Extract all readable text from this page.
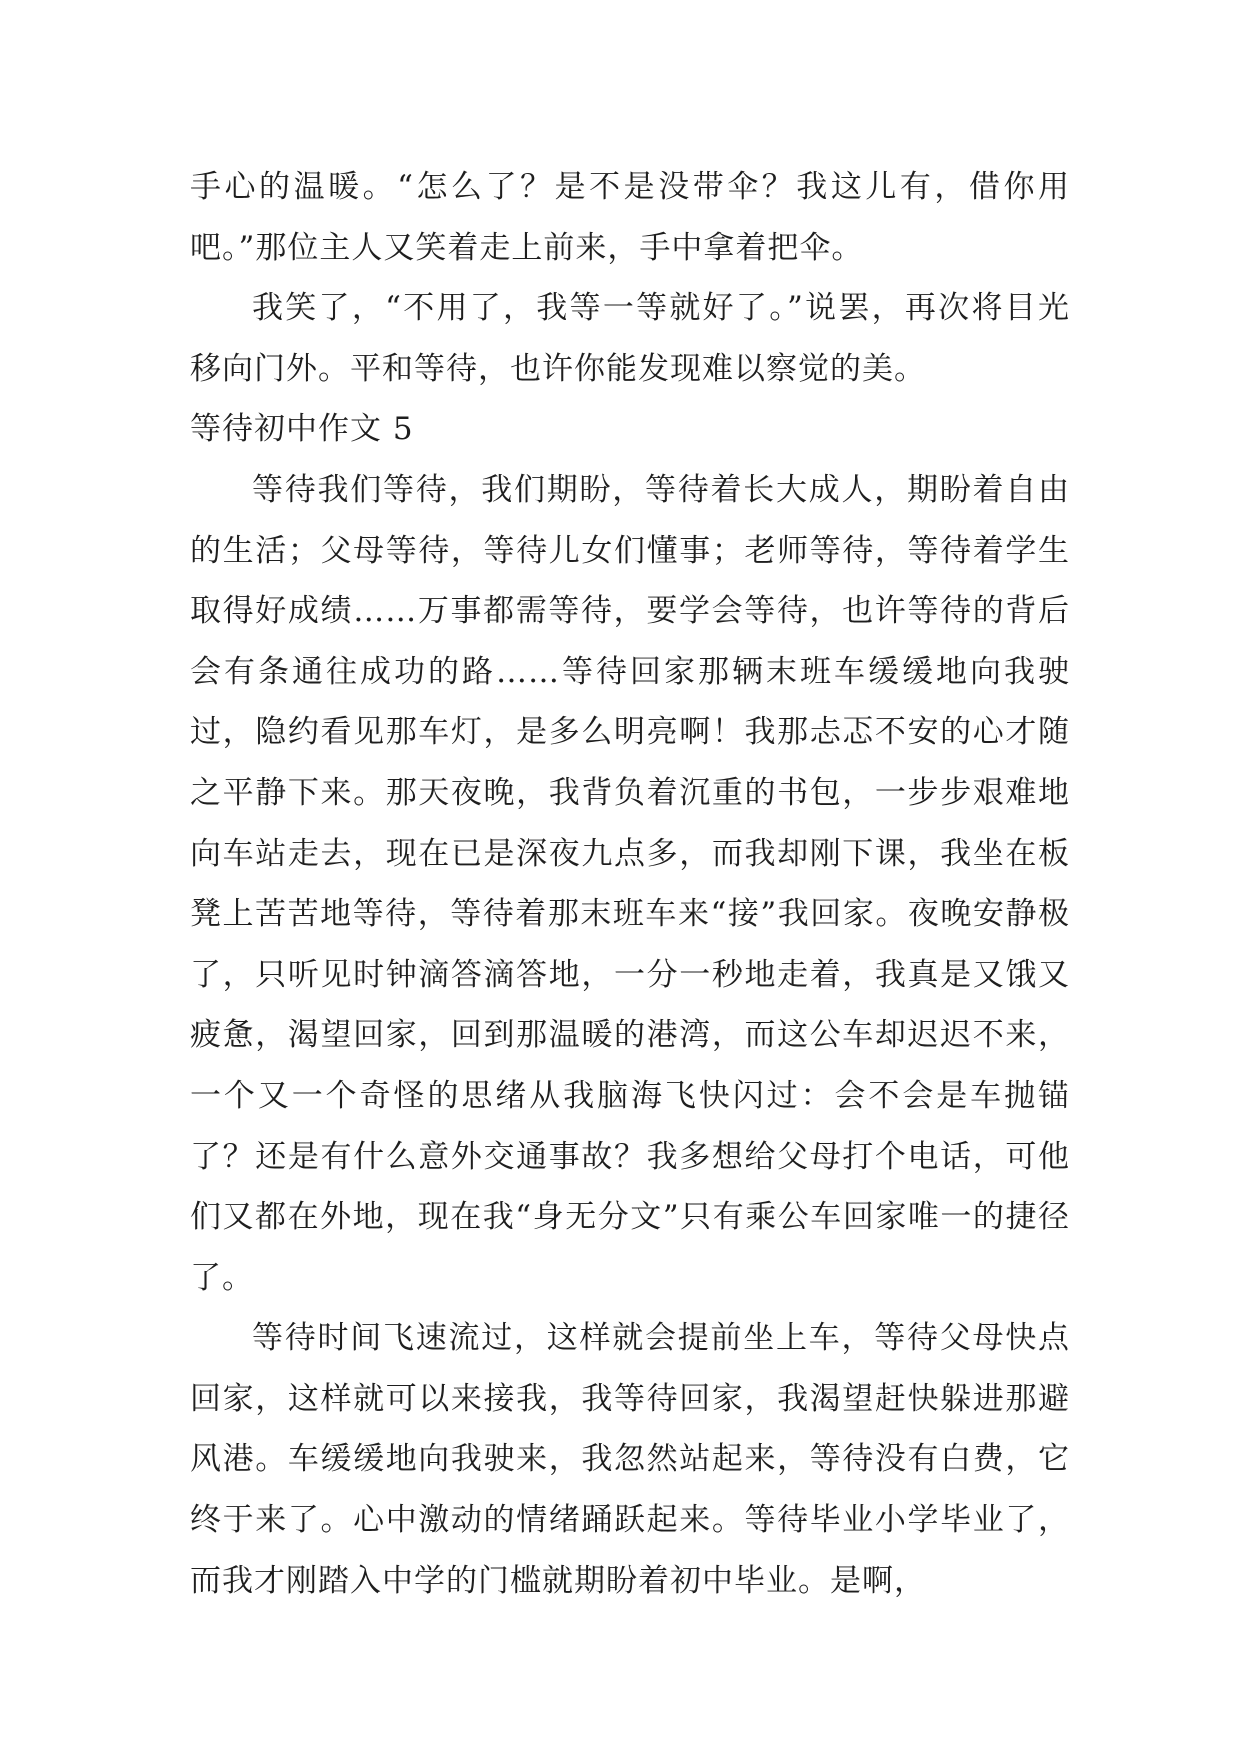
手心的温暖。“怎么了？是不是没带伞？我这儿有，借你用吧。”那位主人又笑着走上前来，手中拿着把伞。

我笑了，“不用了，我等一等就好了。”说罢，再次将目光移向门外。平和等待，也许你能发现难以察觉的美。

等待初中作文 5

等待我们等待，我们期盼，等待着长大成人，期盼着自由的生活；父母等待，等待儿女们懂事；老师等待，等待着学生取得好成绩……万事都需等待，要学会等待，也许等待的背后会有条通往成功的路……等待回家那辆末班车缓缓地向我驶过，隐约看见那车灯，是多么明亮啊！我那忐忑不安的心才随之平静下来。那天夜晚，我背负着沉重的书包，一步步艰难地向车站走去，现在已是深夜九点多，而我却刚下课，我坐在板凳上苦苦地等待，等待着那末班车来“接”我回家。夜晚安静极了，只听见时钟滴答滴答地，一分一秒地走着，我真是又饿又疲惫，渴望回家，回到那温暖的港湾，而这公车却迟迟不来，一个又一个奇怪的思绪从我脑海飞快闪过：会不会是车抛锚了？还是有什么意外交通事故？我多想给父母打个电话，可他们又都在外地，现在我“身无分文”只有乘公车回家唯一的捷径了。

等待时间飞速流过，这样就会提前坐上车，等待父母快点回家，这样就可以来接我，我等待回家，我渴望赶快躲进那避风港。车缓缓地向我驶来，我忽然站起来，等待没有白费，它终于来了。心中激动的情绪踊跃起来。等待毕业小学毕业了，而我才刚踏入中学的门槛就期盼着初中毕业。是啊，
